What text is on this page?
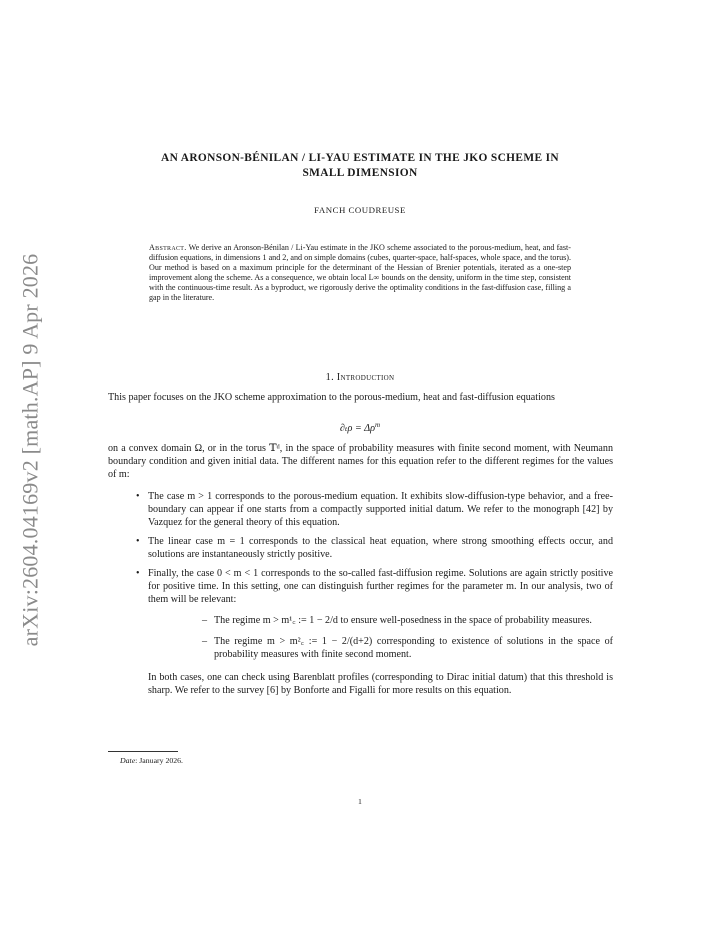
arXiv:2604.04169v2 [math.AP] 9 Apr 2026
AN ARONSON-BÉNILAN / LI-YAU ESTIMATE IN THE JKO SCHEME IN
SMALL DIMENSION
FANCH COUDREUSE
Abstract. We derive an Aronson-Bénilan / Li-Yau estimate in the JKO scheme associated to the porous-medium, heat, and fast-diffusion equations, in dimensions 1 and 2, and on simple domains (cubes, quarter-space, half-spaces, whole space, and the torus). Our method is based on a maximum principle for the determinant of the Hessian of Brenier potentials, iterated as a one-step improvement along the scheme. As a consequence, we obtain local L∞ bounds on the density, uniform in the time step, consistent with the continuous-time result. As a byproduct, we rigorously derive the optimality conditions in the fast-diffusion case, filling a gap in the literature.
1. Introduction
This paper focuses on the JKO scheme approximation to the porous-medium, heat and fast-diffusion equations
$\partial_t\rho = \Delta\rho^m$
on a convex domain Ω, or in the torus 𝕋ᵈ, in the space of probability measures with finite second moment, with Neumann boundary condition and given initial data. The different names for this equation refer to the different regimes for the values of m:
• The case m > 1 corresponds to the porous-medium equation. It exhibits slow-diffusion-type behavior, and a free-boundary can appear if one starts from a compactly supported initial datum. We refer to the monograph [42] by Vazquez for the general theory of this equation.
• The linear case m = 1 corresponds to the classical heat equation, where strong smoothing effects occur, and solutions are instantaneously strictly positive.
• Finally, the case 0 < m < 1 corresponds to the so-called fast-diffusion regime. Solutions are again strictly positive for positive time. In this setting, one can distinguish further regimes for the parameter m. In our analysis, two of them will be relevant:
– The regime m > m¹꜀ := 1 − 2/d to ensure well-posedness in the space of probability measures.
– The regime m > m²꜀ := 1 − 2/(d+2) corresponding to existence of solutions in the space of probability measures with finite second moment.
In both cases, one can check using Barenblatt profiles (corresponding to Dirac initial datum) that this threshold is sharp. We refer to the survey [6] by Bonforte and Figalli for more results on this equation.
Date: January 2026.
1
